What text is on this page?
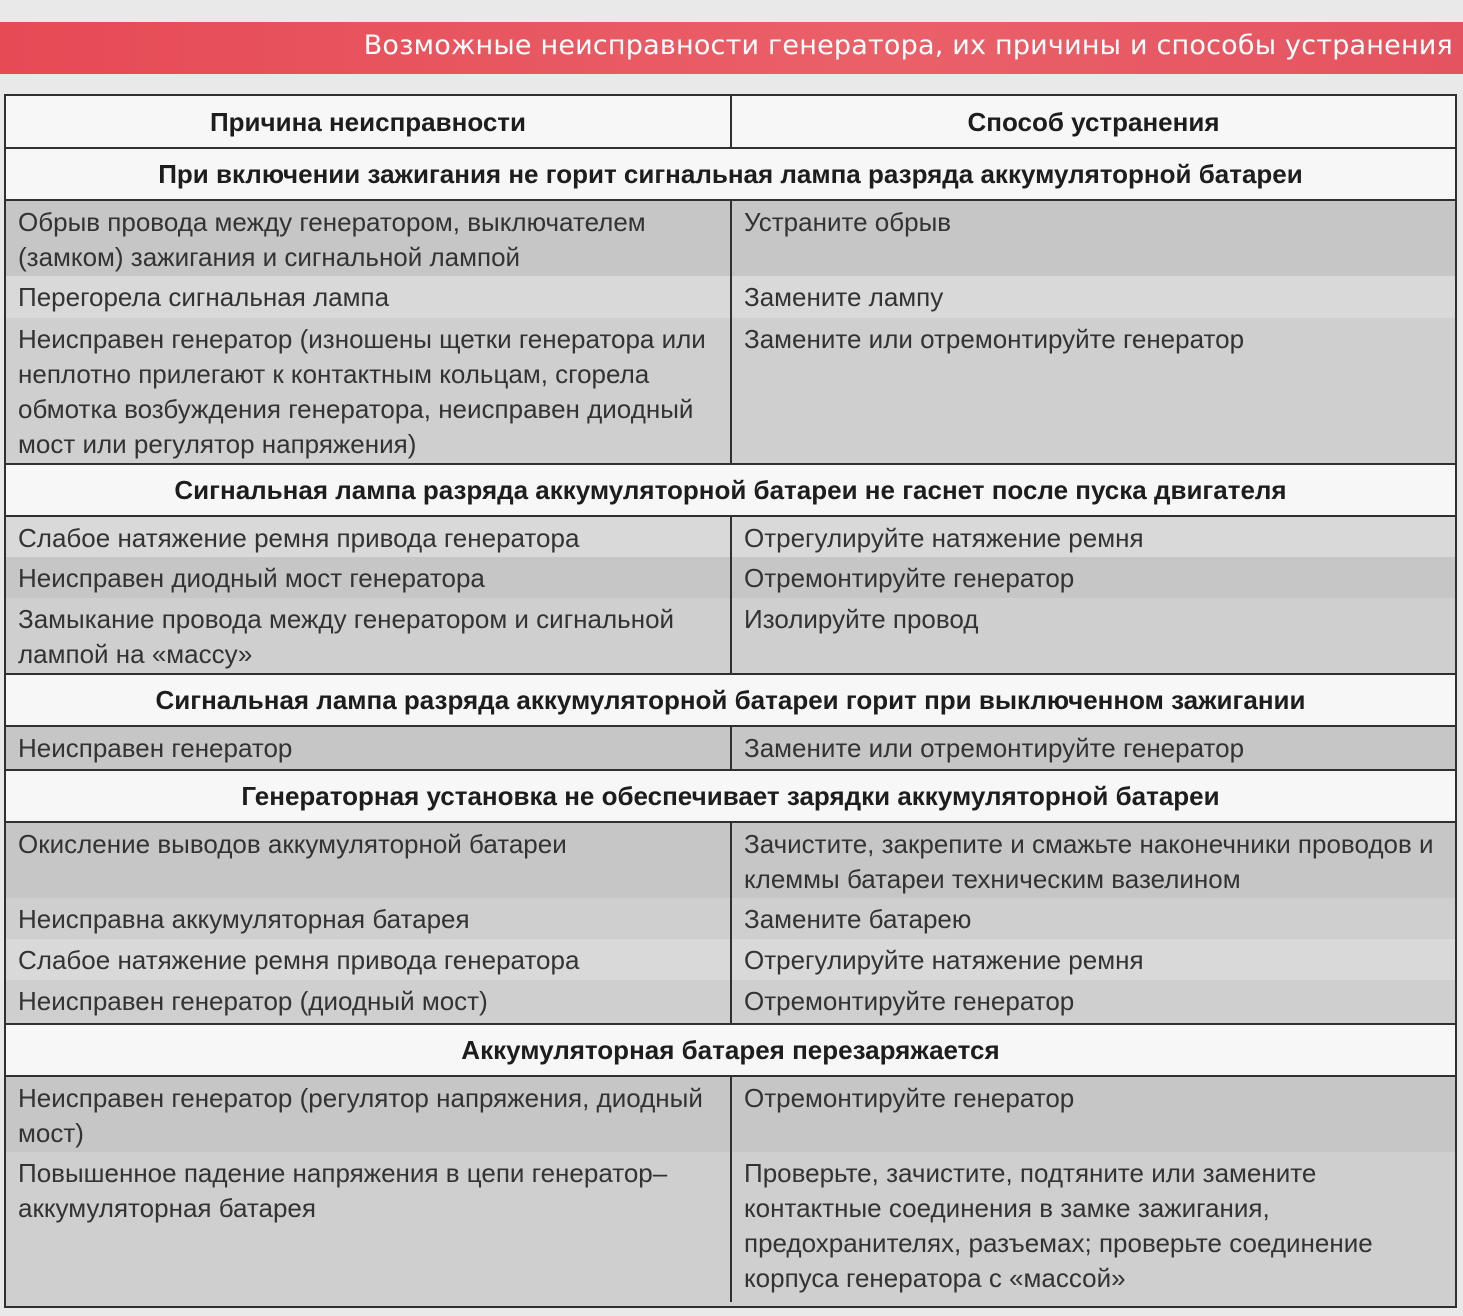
Возможные неисправности генератора, их причины и способы устранения
Причина неисправности	Способ устранения
При включении зажигания не горит сигнальная лампа разряда аккумуляторной батареи	
Обрыв провода между генератором, выключателем (замком) зажигания и сигнальной лампой	Устраните обрыв
Перегорела сигнальная лампа	Замените лампу
Неисправен генератор (изношены щетки генератора или неплотно прилегают к контактным кольцам, сгорела обмотка возбуждения генератора, неисправен диодный мост или регулятор напряжения)	Замените или отремонтируйте генератор
Сигнальная лампа разряда аккумуляторной батареи не гаснет после пуска двигателя	
Слабое натяжение ремня привода генератора	Отрегулируйте натяжение ремня
Неисправен диодный мост генератора	Отремонтируйте генератор
Замыкание провода между генератором и сигнальной лампой на «массу»	Изолируйте провод
Сигнальная лампа разряда аккумуляторной батареи горит при выключенном зажигании	
Неисправен генератор	Замените или отремонтируйте генератор
Генераторная установка не обеспечивает зарядки аккумуляторной батареи	
Окисление выводов аккумуляторной батареи	Зачистите, закрепите и смажьте наконечники проводов и клеммы батареи техническим вазелином
Неисправна аккумуляторная батарея	Замените батарею
Слабое натяжение ремня привода генератора	Отрегулируйте натяжение ремня
Неисправен генератор (диодный мост)	Отремонтируйте генератор
Аккумуляторная батарея перезаряжается	
Неисправен генератор (регулятор напряжения, диодный мост)	Отремонтируйте генератор
Повышенное падение напряжения в цепи генератор–аккумуляторная батарея	Проверьте, зачистите, подтяните или замените контактные соединения в замке зажигания, предохранителях, разъемах; проверьте соединение корпуса генератора с «массой»
